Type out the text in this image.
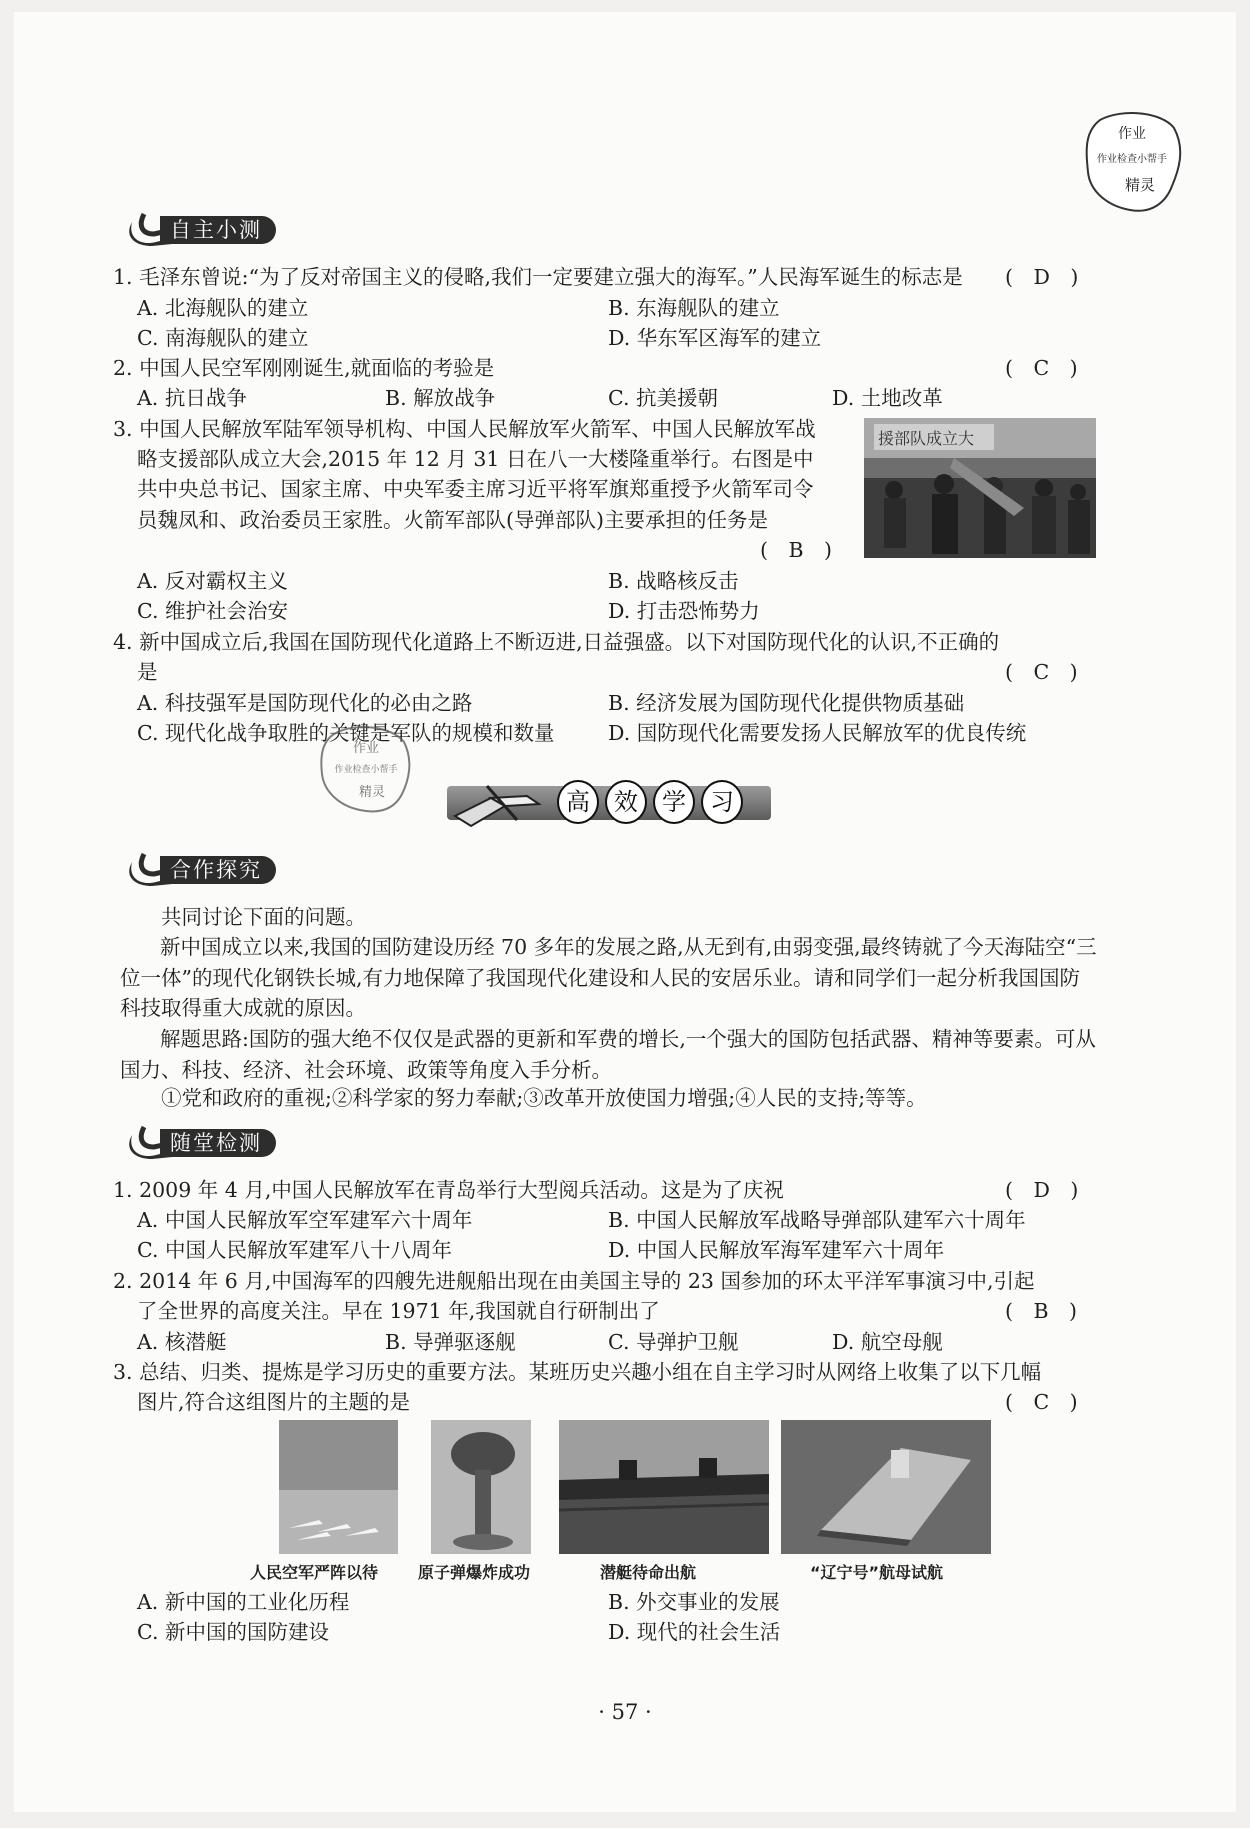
作业
作业检查小帮手
精灵
自主小测
1. 毛泽东曾说:“为了反对帝国主义的侵略,我们一定要建立强大的海军。”人民海军诞生的标志是 (　D　)
A. 北海舰队的建立	B. 东海舰队的建立
C. 南海舰队的建立	D. 华东军区海军的建立
2. 中国人民空军刚刚诞生,就面临的考验是	(　C　)
A. 抗日战争	B. 解放战争	C. 抗美援朝	D. 土地改革
3. 中国人民解放军陆军领导机构、中国人民解放军火箭军、中国人民解放军战
略支援部队成立大会,2015 年 12 月 31 日在八一大楼隆重举行。右图是中
共中央总书记、国家主席、中央军委主席习近平将军旗郑重授予火箭军司令
员魏凤和、政治委员王家胜。火箭军部队(导弹部队)主要承担的任务是
(　B　)
援部队成立大
A. 反对霸权主义	B. 战略核反击
C. 维护社会治安	D. 打击恐怖势力
4. 新中国成立后,我国在国防现代化道路上不断迈进,日益强盛。以下对国防现代化的认识,不正确的
是	(　C　)
A. 科技强军是国防现代化的必由之路	B. 经济发展为国防现代化提供物质基础
C. 现代化战争取胜的关键是军队的规模和数量	D. 国防现代化需要发扬人民解放军的优良传统
作业
作业检查小帮手
精灵	高	效	学	习
合作探究
共同讨论下面的问题。
新中国成立以来,我国的国防建设历经 70 多年的发展之路,从无到有,由弱变强,最终铸就了今天海陆空“三位一体”的现代化钢铁长城,有力地保障了我国现代化建设和人民的安居乐业。请和同学们一起分析我国国防科技取得重大成就的原因。
解题思路:国防的强大绝不仅仅是武器的更新和军费的增长,一个强大的国防包括武器、精神等要素。可从国力、科技、经济、社会环境、政策等角度入手分析。
①党和政府的重视;②科学家的努力奉献;③改革开放使国力增强;④人民的支持;等等。
随堂检测
1. 2009 年 4 月,中国人民解放军在青岛举行大型阅兵活动。这是为了庆祝	(　D　)
A. 中国人民解放军空军建军六十周年	B. 中国人民解放军战略导弹部队建军六十周年
C. 中国人民解放军建军八十八周年	D. 中国人民解放军海军建军六十周年
2. 2014 年 6 月,中国海军的四艘先进舰船出现在由美国主导的 23 国参加的环太平洋军事演习中,引起
了全世界的高度关注。早在 1971 年,我国就自行研制出了	(　B　)
A. 核潜艇	B. 导弹驱逐舰	C. 导弹护卫舰	D. 航空母舰
3. 总结、归类、提炼是学习历史的重要方法。某班历史兴趣小组在自主学习时从网络上收集了以下几幅
图片,符合这组图片的主题的是	(　C　)
人民空军严阵以待 原子弹爆炸成功	潜艇待命出航	“辽宁号”航母试航
A. 新中国的工业化历程	B. 外交事业的发展
C. 新中国的国防建设	D. 现代的社会生活
· 57 ·
